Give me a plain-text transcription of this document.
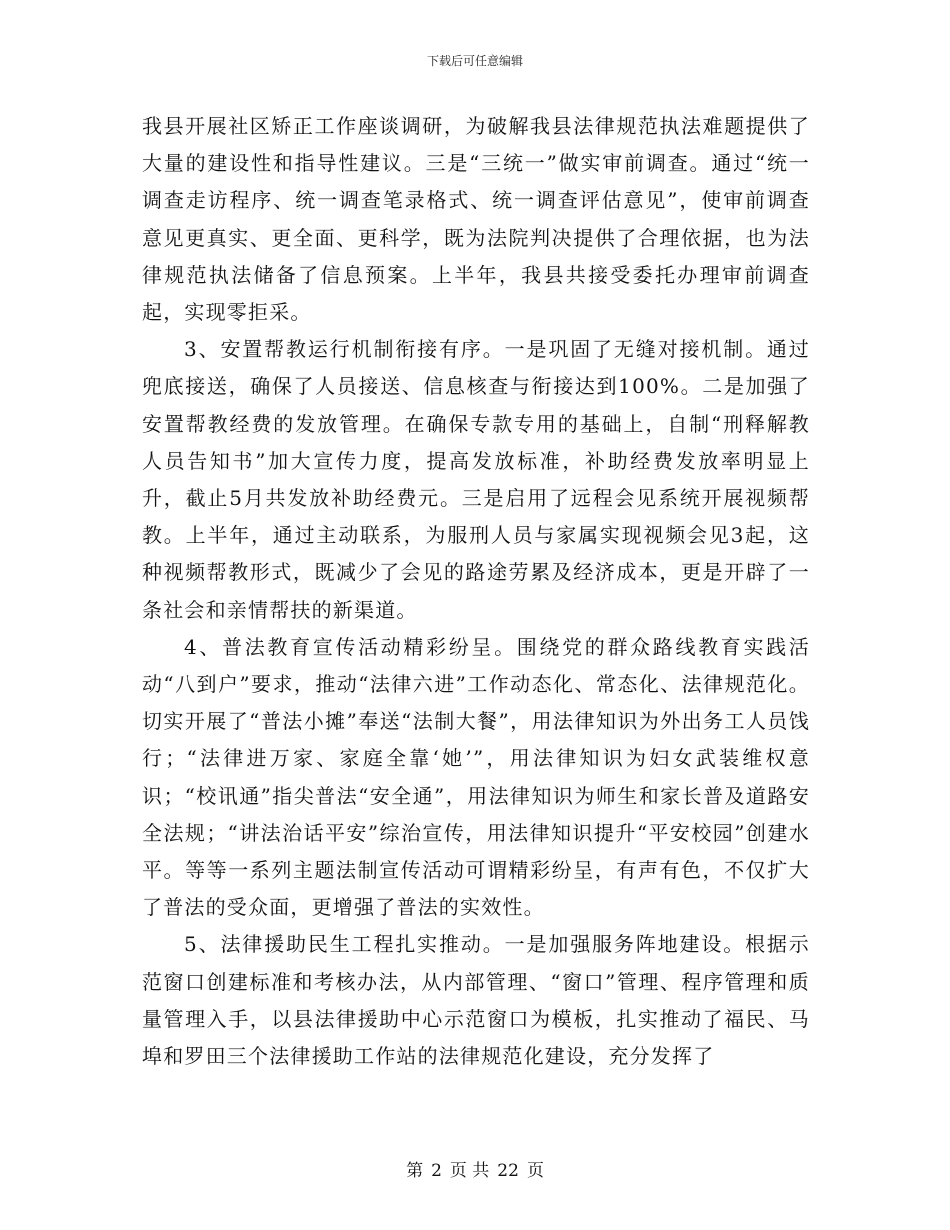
下载后可任意编辑

我县开展社区矫正工作座谈调研，为破解我县法律规范执法难题提供了大量的建设性和指导性建议。三是“三统一”做实审前调查。通过“统一调查走访程序、统一调查笔录格式、统一调查评估意见”，使审前调查意见更真实、更全面、更科学，既为法院判决提供了合理依据，也为法律规范执法储备了信息预案。上半年，我县共接受委托办理审前调查起，实现零拒采。

3、安置帮教运行机制衔接有序。一是巩固了无缝对接机制。通过兜底接送，确保了人员接送、信息核查与衔接达到100%。二是加强了安置帮教经费的发放管理。在确保专款专用的基础上，自制“刑释解教人员告知书”加大宣传力度，提高发放标准，补助经费发放率明显上升，截止5月共发放补助经费元。三是启用了远程会见系统开展视频帮教。上半年，通过主动联系，为服刑人员与家属实现视频会见3起，这种视频帮教形式，既减少了会见的路途劳累及经济成本，更是开辟了一条社会和亲情帮扶的新渠道。

4、普法教育宣传活动精彩纷呈。围绕党的群众路线教育实践活动“八到户”要求，推动“法律六进”工作动态化、常态化、法律规范化。切实开展了“普法小摊”奉送“法制大餐”，用法律知识为外出务工人员饯行；“法律进万家、家庭全靠‘她’”，用法律知识为妇女武装维权意识；“校讯通”指尖普法“安全通”，用法律知识为师生和家长普及道路安全法规；“讲法治话平安”综治宣传，用法律知识提升“平安校园”创建水平。等等一系列主题法制宣传活动可谓精彩纷呈，有声有色，不仅扩大了普法的受众面，更增强了普法的实效性。

5、法律援助民生工程扎实推动。一是加强服务阵地建设。根据示范窗口创建标准和考核办法，从内部管理、“窗口”管理、程序管理和质量管理入手，以县法律援助中心示范窗口为模板，扎实推动了福民、马埠和罗田三个法律援助工作站的法律规范化建设，充分发挥了

第 2 页 共 22 页
